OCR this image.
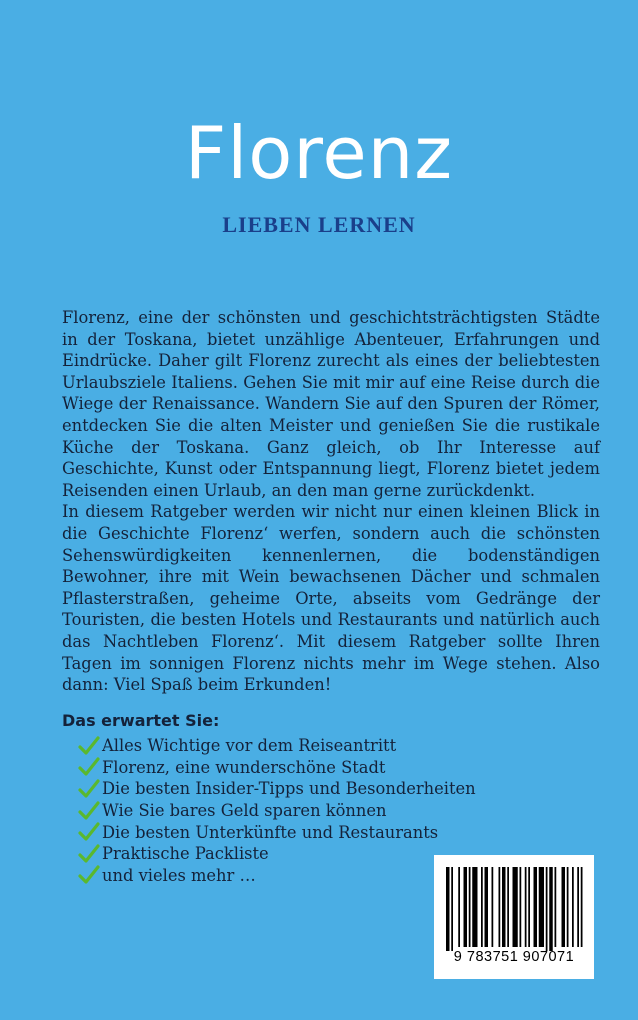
Florenz
LIEBEN LERNEN

Florenz, eine der schönsten und geschichtsträchtigsten Städte in der Toskana, bietet unzählige Abenteuer, Erfahrungen und Eindrücke. Daher gilt Florenz zurecht als eines der beliebtesten Urlaubsziele Italiens. Gehen Sie mit mir auf eine Reise durch die Wiege der Renaissance. Wandern Sie auf den Spuren der Römer, entdecken Sie die alten Meister und genießen Sie die rustikale Küche der Toskana. Ganz gleich, ob Ihr Interesse auf Geschichte, Kunst oder Entspannung liegt, Florenz bietet jedem Reisenden einen Urlaub, an den man gerne zurückdenkt.

In diesem Ratgeber werden wir nicht nur einen kleinen Blick in die Geschichte Florenz‘ werfen, sondern auch die schönsten Sehenswürdigkeiten kennenlernen, die bodenständigen Bewohner, ihre mit Wein bewachsenen Dächer und schmalen Pflasterstraßen, geheime Orte, abseits vom Gedränge der Touristen, die besten Hotels und Restaurants und natürlich auch das Nachtleben Florenz‘. Mit diesem Ratgeber sollte Ihren Tagen im sonnigen Florenz nichts mehr im Wege stehen. Also dann: Viel Spaß beim Erkunden!

Das erwartet Sie:
Alles Wichtige vor dem Reiseantritt
Florenz, eine wunderschöne Stadt
Die besten Insider-Tipps und Besonderheiten
Wie Sie bares Geld sparen können
Die besten Unterkünfte und Restaurants
Praktische Packliste
und vieles mehr …
9 783751 907071
